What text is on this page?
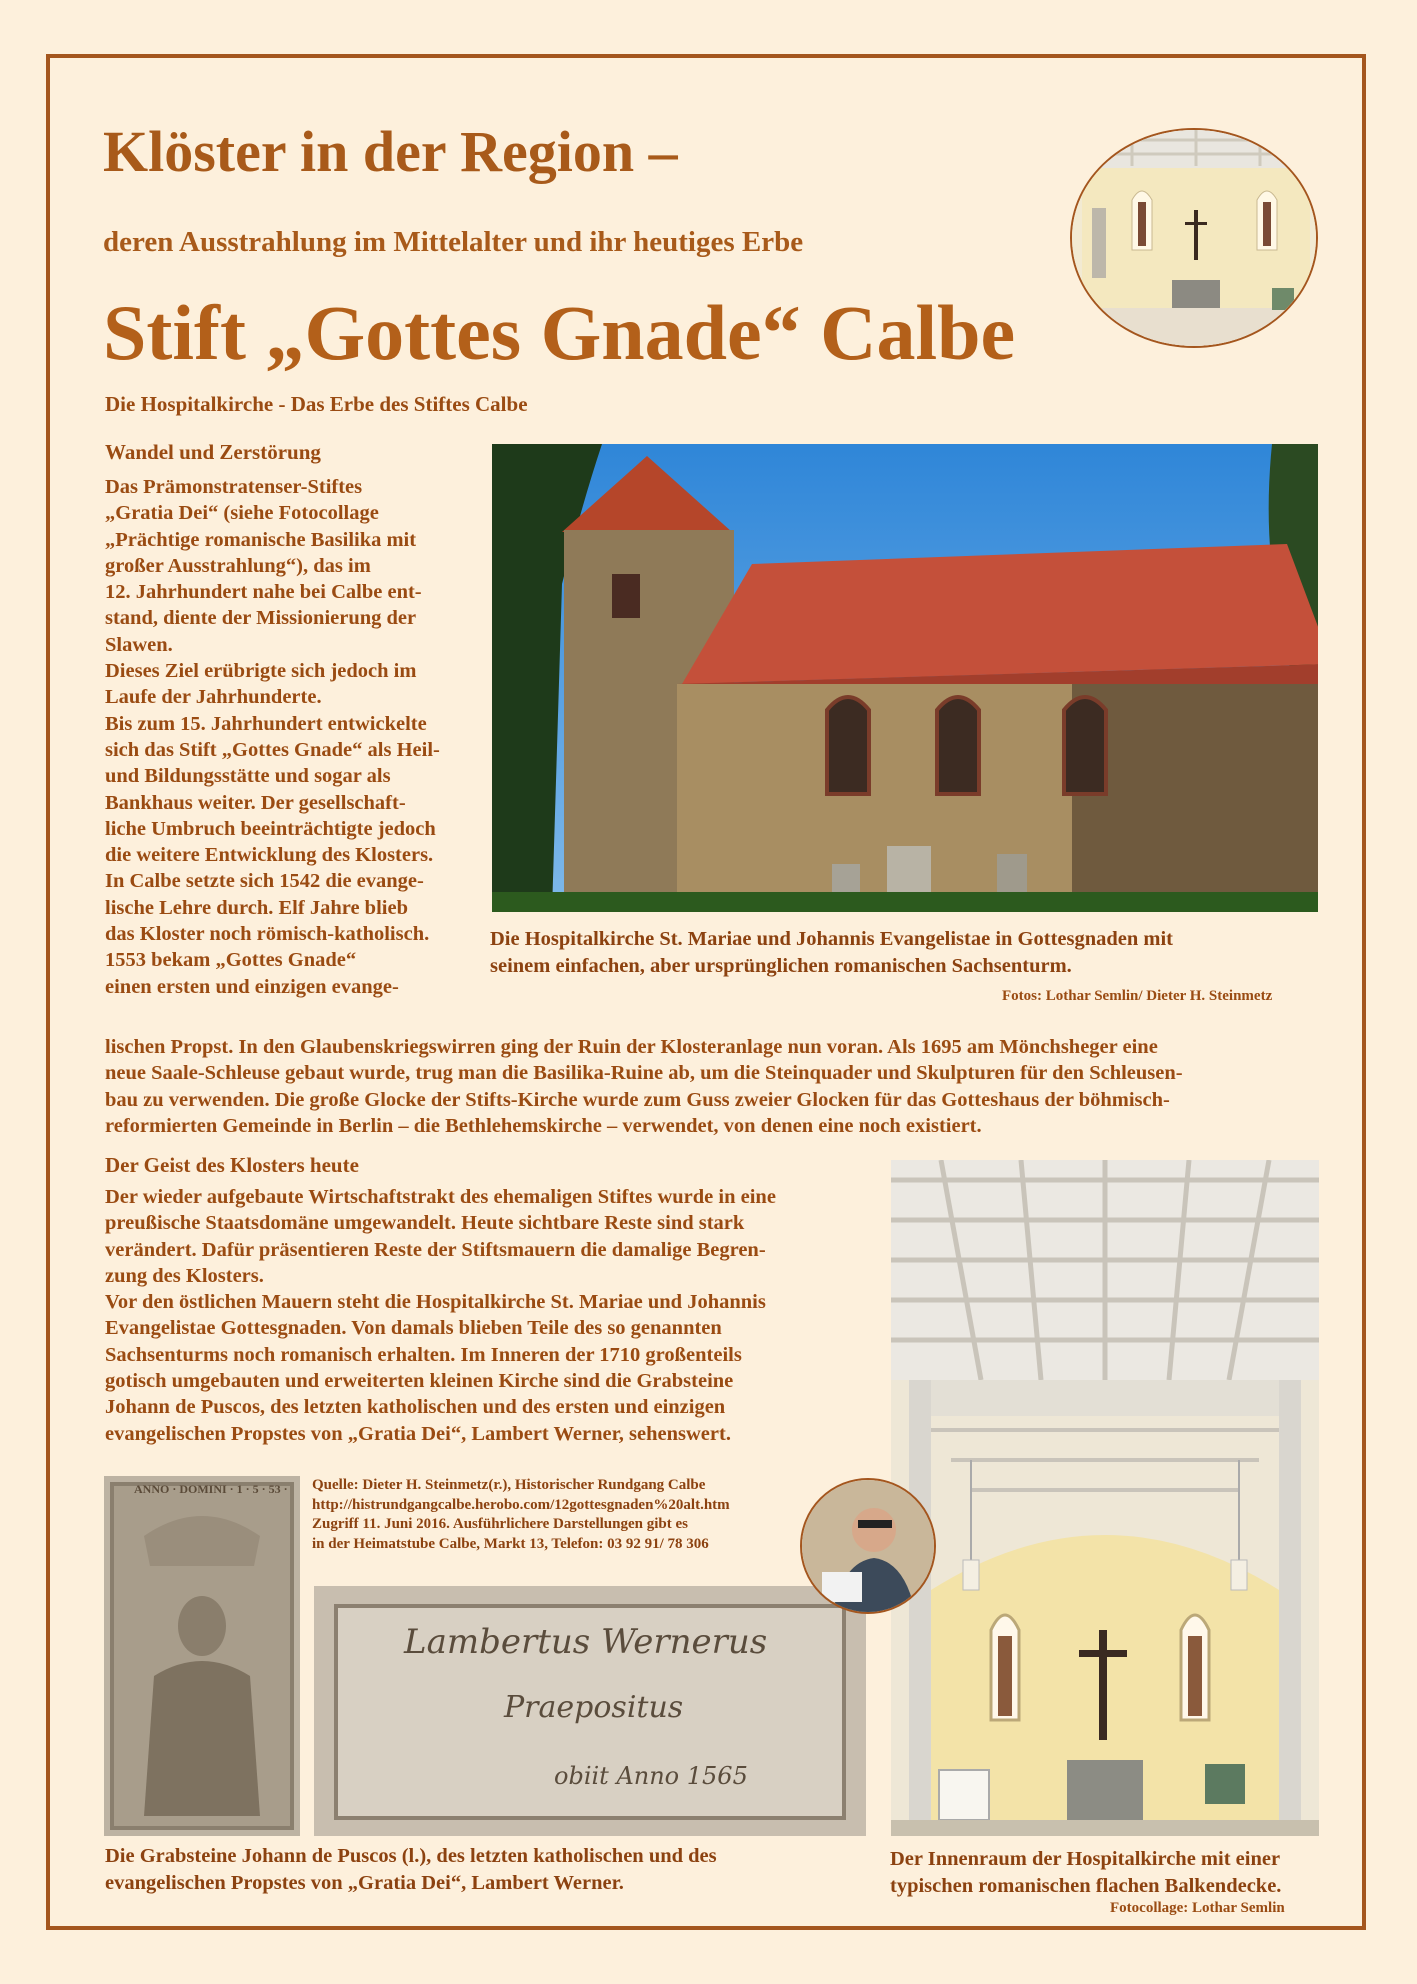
Klöster in der Region –
deren Ausstrahlung im Mittelalter und ihr heutiges Erbe
Stift „Gottes Gnade“ Calbe
Die Hospitalkirche - Das Erbe des Stiftes Calbe
Wandel und Zerstörung
Das Prämonstratenser-Stiftes
„Gratia Dei“ (siehe Fotocollage
„Prächtige romanische Basilika mit
großer Ausstrahlung“), das im
12. Jahrhundert nahe bei Calbe ent-
stand, diente der Missionierung der
Slawen.
Dieses Ziel erübrigte sich jedoch im
Laufe der Jahrhunderte.
Bis zum 15. Jahrhundert entwickelte
sich das Stift „Gottes Gnade“ als Heil-
und Bildungsstätte und sogar als
Bankhaus weiter. Der gesellschaft-
liche Umbruch beeinträchtigte jedoch
die weitere Entwicklung des Klosters.
In Calbe setzte sich 1542 die evange-
lische Lehre durch. Elf Jahre blieb
das Kloster noch römisch-katholisch.
1553 bekam „Gottes Gnade“
einen ersten und einzigen evange-
Die Hospitalkirche St. Mariae und Johannis Evangelistae in Gottesgnaden mit
seinem einfachen, aber ursprünglichen romanischen Sachsenturm.
Fotos: Lothar Semlin/ Dieter H. Steinmetz
lischen Propst. In den Glaubenskriegswirren ging der Ruin der Klosteranlage nun voran. Als 1695 am Mönchsheger eine
neue Saale-Schleuse gebaut wurde, trug man die Basilika-Ruine ab, um die Steinquader und Skulpturen für den Schleusen-
bau zu verwenden. Die große Glocke der Stifts-Kirche wurde zum Guss zweier Glocken für das Gotteshaus der böhmisch-
reformierten Gemeinde in Berlin – die Bethlehemskirche – verwendet, von denen eine noch existiert.
Der Geist des Klosters heute
Der wieder aufgebaute Wirtschaftstrakt des ehemaligen Stiftes wurde in eine
preußische Staatsdomäne umgewandelt. Heute sichtbare Reste sind stark
verändert. Dafür präsentieren Reste der Stiftsmauern die damalige Begren-
zung des Klosters.
Vor den östlichen Mauern steht die Hospitalkirche St. Mariae und Johannis
Evangelistae Gottesgnaden. Von damals blieben Teile des so genannten
Sachsenturms noch romanisch erhalten. Im Inneren der 1710 großenteils
gotisch umgebauten und erweiterten kleinen Kirche sind die Grabsteine
Johann de Puscos, des letzten katholischen und des ersten und einzigen
evangelischen Propstes von „Gratia Dei“, Lambert Werner, sehenswert.
ANNO · DOMINI · 1 · 5 · 53 ·
Lambertus Wernerus
Praepositus
obiit Anno 1565
Quelle: Dieter H. Steinmetz(r.), Historischer Rundgang Calbe
http://histrundgangcalbe.herobo.com/12gottesgnaden%20alt.htm
Zugriff 11. Juni 2016. Ausführlichere Darstellungen gibt es
in der Heimatstube Calbe, Markt 13, Telefon: 03 92 91/ 78 306
Die Grabsteine Johann de Puscos (l.), des letzten katholischen und des
evangelischen Propstes von „Gratia Dei“, Lambert Werner.
Der Innenraum der Hospitalkirche mit einer
typischen romanischen flachen Balkendecke.
Fotocollage: Lothar Semlin
